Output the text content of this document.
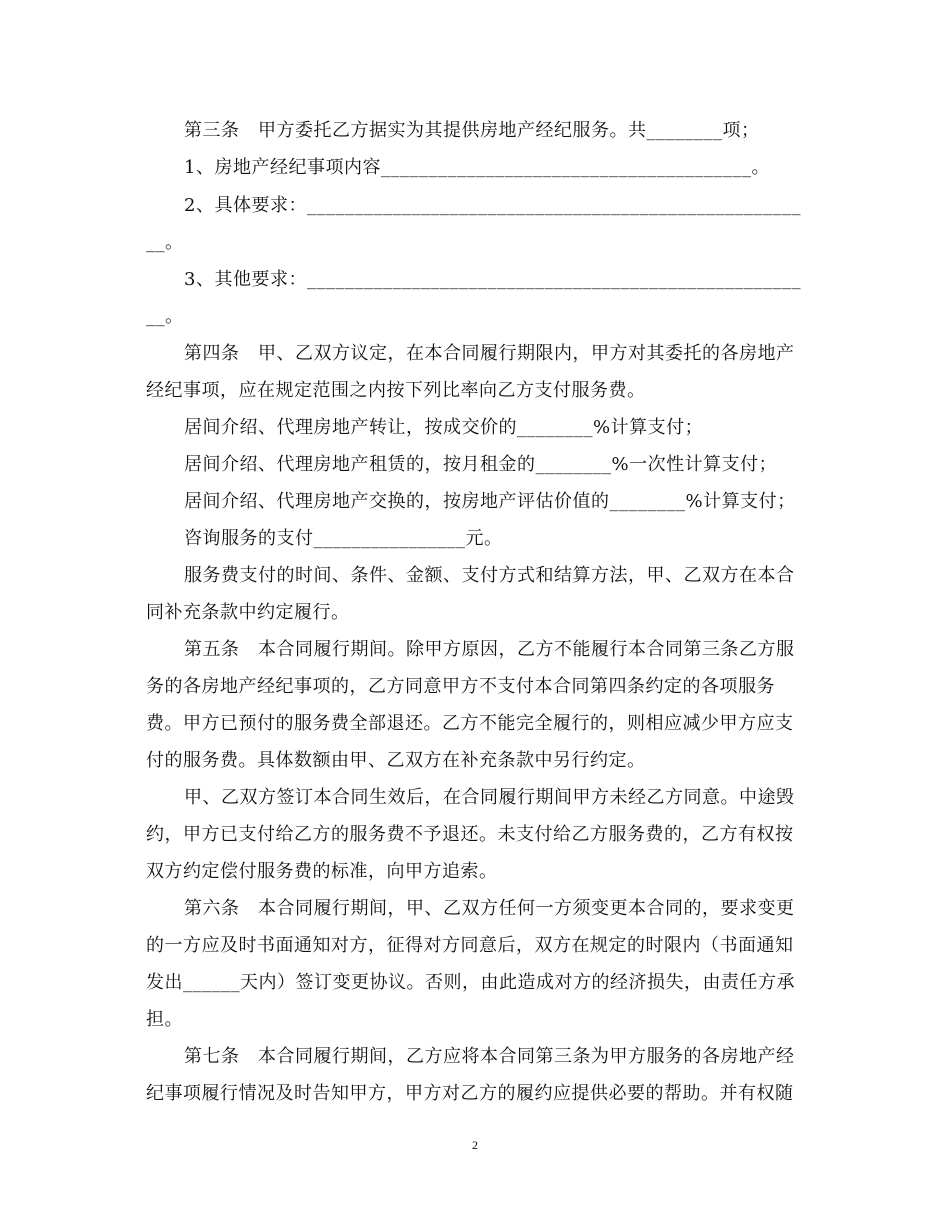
第三条　甲方委托乙方据实为其提供房地产经纪服务。共________项；
1、房地产经纪事项内容_______________________________________。
2、具体要求：____________________________________________________
__。
3、其他要求：____________________________________________________
__。
第四条　甲、乙双方议定，在本合同履行期限内，甲方对其委托的各房地产
经纪事项，应在规定范围之内按下列比率向乙方支付服务费。
居间介绍、代理房地产转让，按成交价的________%计算支付；
居间介绍、代理房地产租赁的，按月租金的________%一次性计算支付；
居间介绍、代理房地产交换的，按房地产评估价值的________%计算支付；
咨询服务的支付________________元。
服务费支付的时间、条件、金额、支付方式和结算方法，甲、乙双方在本合
同补充条款中约定履行。
第五条　本合同履行期间。除甲方原因，乙方不能履行本合同第三条乙方服
务的各房地产经纪事项的，乙方同意甲方不支付本合同第四条约定的各项服务
费。甲方已预付的服务费全部退还。乙方不能完全履行的，则相应减少甲方应支
付的服务费。具体数额由甲、乙双方在补充条款中另行约定。
甲、乙双方签订本合同生效后，在合同履行期间甲方未经乙方同意。中途毁
约，甲方已支付给乙方的服务费不予退还。未支付给乙方服务费的，乙方有权按
双方约定偿付服务费的标准，向甲方追索。
第六条　本合同履行期间，甲、乙双方任何一方须变更本合同的，要求变更
的一方应及时书面通知对方，征得对方同意后，双方在规定的时限内（书面通知
发出______天内）签订变更协议。否则，由此造成对方的经济损失，由责任方承
担。
第七条　本合同履行期间，乙方应将本合同第三条为甲方服务的各房地产经
纪事项履行情况及时告知甲方，甲方对乙方的履约应提供必要的帮助。并有权随
2
